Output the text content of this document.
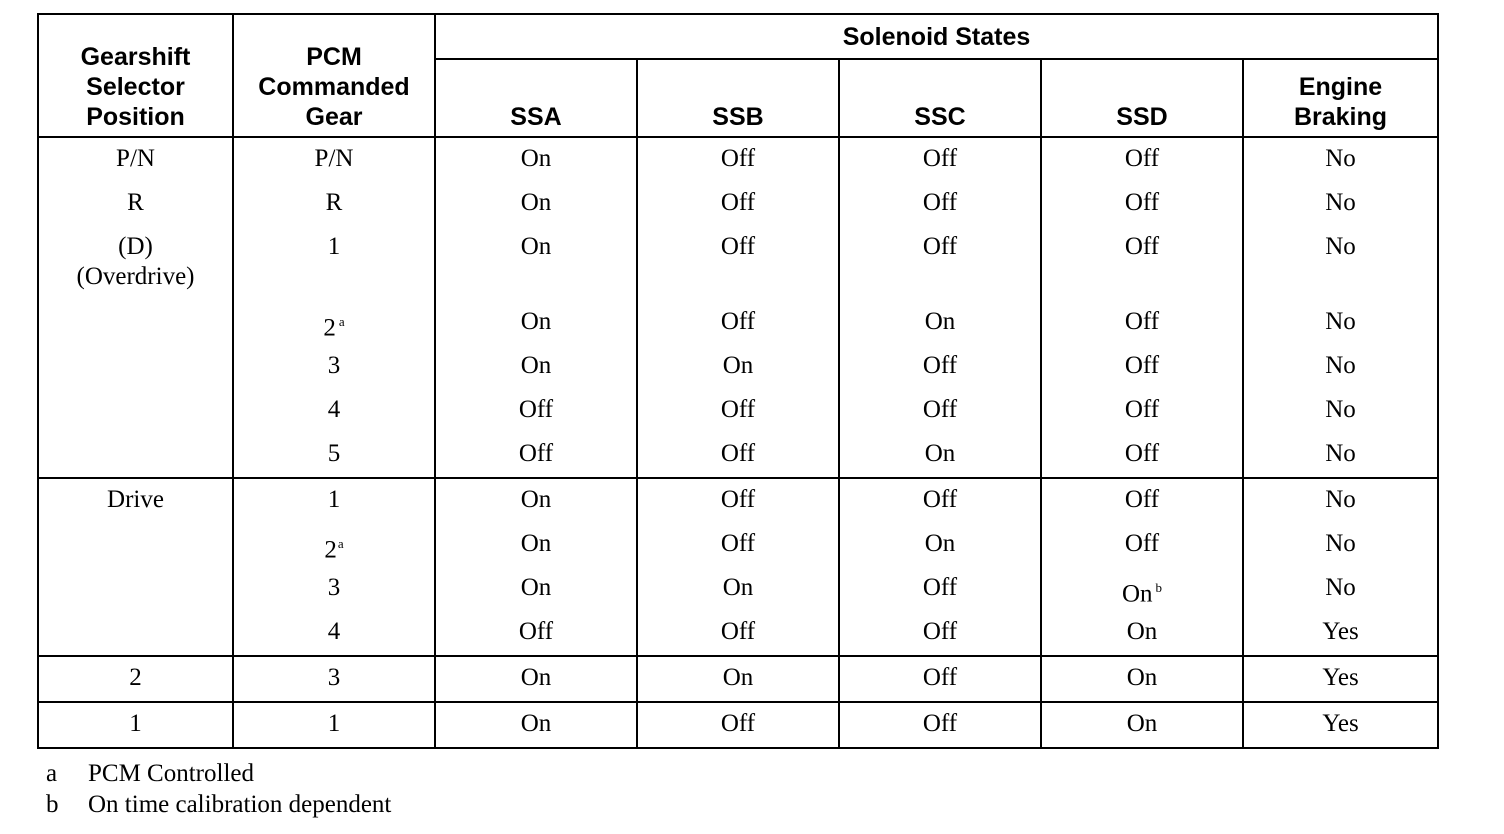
Gearshift
Selector
Position	PCM
Commanded
Gear	Solenoid States				
		SSA	SSB	SSC	SSD	Engine
Braking

P/N	P/N	On	Off	Off	Off	No

R	R	On	Off	Off	Off	No

(D)
(Overdrive)	1	On	Off	Off	Off	No

	2 $^a$	On	Off	On	Off	No

	3	On	On	Off	Off	No

	4	Off	Off	Off	Off	No

	5	Off	Off	On	Off	No

Drive	1	On	Off	Off	Off	No

	2$^a$	On	Off	On	Off	No

	3	On	On	Off	On $^b$	No

	4	Off	Off	Off	On	Yes

2	3	On	On	Off	On	Yes

1	1	On	Off	Off	On	Yes
a	PCM Controlled
b	On time calibration dependent
